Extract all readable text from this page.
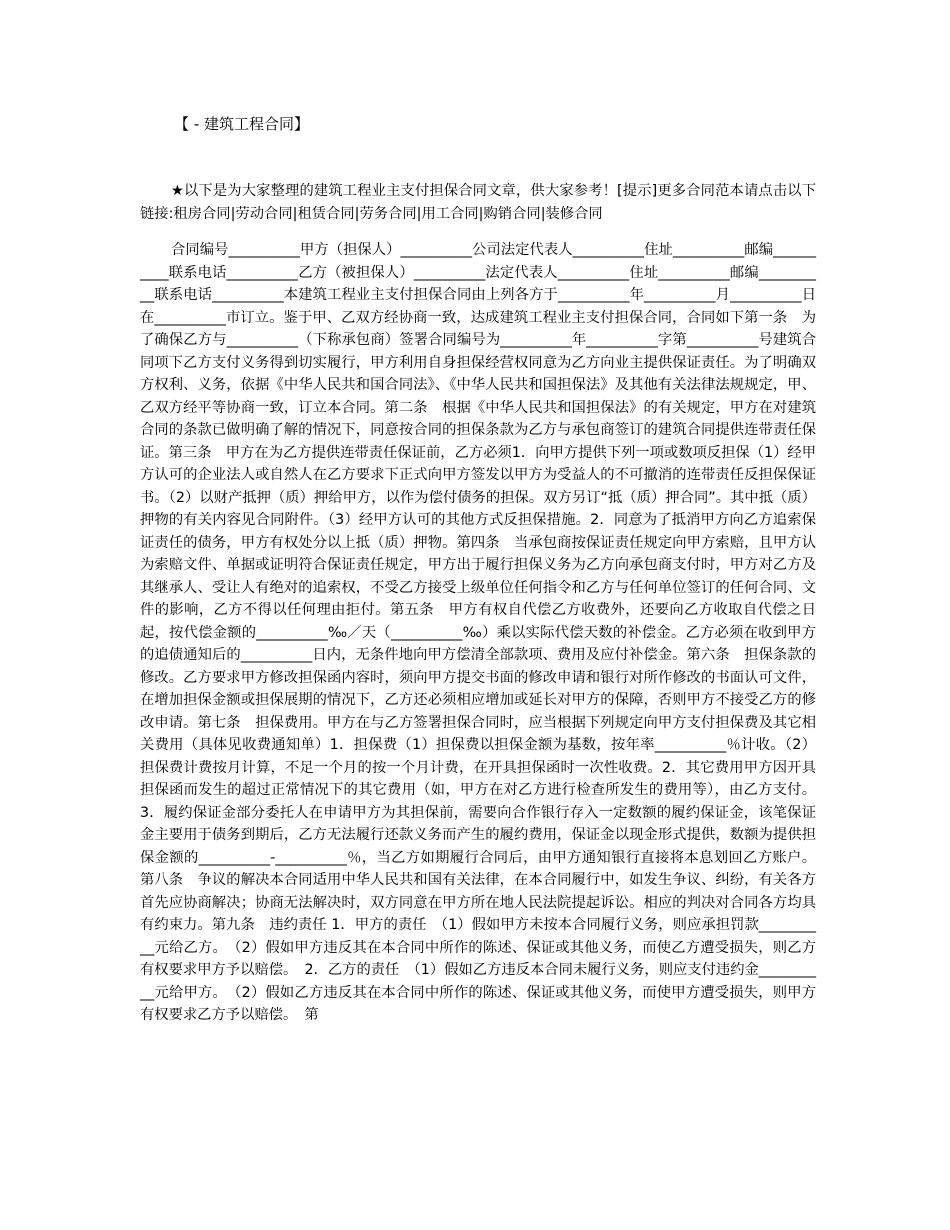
【 - 建筑工程合同】
★以下是为大家整理的建筑工程业主支付担保合同文章，供大家参考！[提示]更多合同范本请点击以下链接:租房合同|劳动合同|租赁合同|劳务合同|用工合同|购销合同|装修合同
合同编号__________甲方（担保人）__________公司法定代表人__________住址__________邮编__________联系电话__________乙方（被担保人）__________法定代表人__________住址__________邮编__________联系电话__________本建筑工程业主支付担保合同由上列各方于__________年__________月__________日在__________市订立。鉴于甲、乙双方经协商一致，达成建筑工程业主支付担保合同，合同如下第一条　为了确保乙方与__________（下称承包商）签署合同编号为__________年__________字第__________号建筑合同项下乙方支付义务得到切实履行，甲方利用自身担保经营权同意为乙方向业主提供保证责任。为了明确双方权利、义务，依据《中华人民共和国合同法》、《中华人民共和国担保法》及其他有关法律法规规定，甲、乙双方经平等协商一致，订立本合同。第二条　根据《中华人民共和国担保法》的有关规定，甲方在对建筑合同的条款已做明确了解的情况下，同意按合同的担保条款为乙方与承包商签订的建筑合同提供连带责任保证。第三条　甲方在为乙方提供连带责任保证前，乙方必须1．向甲方提供下列一项或数项反担保（1）经甲方认可的企业法人或自然人在乙方要求下正式向甲方签发以甲方为受益人的不可撤消的连带责任反担保保证书。（2）以财产抵押（质）押给甲方，以作为偿付债务的担保。双方另订“抵（质）押合同”。其中抵（质）押物的有关内容见合同附件。（3）经甲方认可的其他方式反担保措施。2．同意为了抵消甲方向乙方追索保证责任的债务，甲方有权处分以上抵（质）押物。第四条　当承包商按保证责任规定向甲方索赔，且甲方认为索赔文件、单据或证明符合保证责任规定，甲方出于履行担保义务为乙方向承包商支付时，甲方对乙方及其继承人、受让人有绝对的追索权，不受乙方接受上级单位任何指令和乙方与任何单位签订的任何合同、文件的影响，乙方不得以任何理由拒付。第五条　甲方有权自代偿乙方收费外，还要向乙方收取自代偿之日起，按代偿金额的__________‰／天（__________‰）乘以实际代偿天数的补偿金。乙方必须在收到甲方的追债通知后的__________日内，无条件地向甲方偿清全部款项、费用及应付补偿金。第六条　担保条款的修改。乙方要求甲方修改担保函内容时，须向甲方提交书面的修改申请和银行对所作修改的书面认可文件，在增加担保金额或担保展期的情况下，乙方还必须相应增加或延长对甲方的保障，否则甲方不接受乙方的修改申请。第七条　担保费用。甲方在与乙方签署担保合同时，应当根据下列规定向甲方支付担保费及其它相关费用（具体见收费通知单）1．担保费（1）担保费以担保金额为基数，按年率__________％计收。（2）担保费计费按月计算，不足一个月的按一个月计费，在开具担保函时一次性收费。2．其它费用甲方因开具担保函而发生的超过正常情况下的其它费用（如，甲方在对乙方进行检查所发生的费用等），由乙方支付。3．履约保证金部分委托人在申请甲方为其担保前，需要向合作银行存入一定数额的履约保证金，该笔保证金主要用于债务到期后，乙方无法履行还款义务而产生的履约费用，保证金以现金形式提供，数额为提供担保金额的__________-__________％，当乙方如期履行合同后，由甲方通知银行直接将本息划回乙方账户。第八条　争议的解决本合同适用中华人民共和国有关法律，在本合同履行中，如发生争议、纠纷，有关各方首先应协商解决；协商无法解决时，双方同意在甲方所在地人民法院提起诉讼。相应的判决对合同各方均具有约束力。第九条　违约责任 1．甲方的责任　（1）假如甲方未按本合同履行义务，则应承担罚款__________元给乙方。　（2）假如甲方违反其在本合同中所作的陈述、保证或其他义务，而使乙方遭受损失，则乙方有权要求甲方予以赔偿。　2．乙方的责任　（1）假如乙方违反本合同未履行义务，则应支付违约金__________元给甲方。　（2）假如乙方违反其在本合同中所作的陈述、保证或其他义务，而使甲方遭受损失，则甲方有权要求乙方予以赔偿。　第
